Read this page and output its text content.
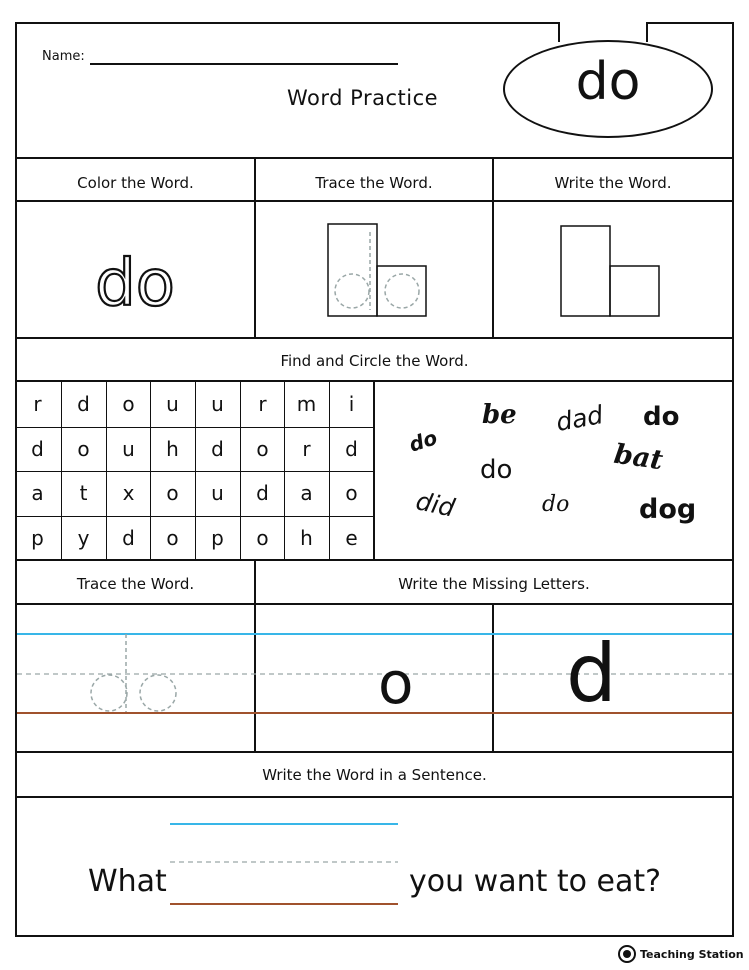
Name:
Word Practice	do
Color the Word.	Trace the Word.	Write the Word.
do
Find and Circle the Word.
r	d	o	u	u	r	m	i
d	o	u	h	d	o	r	d
a	t	x	o	u	d	a	o
p	y	d	o	p	o	h	e
be dad do
do
do	bat
did	do	dog
Trace the Word.	Write the Missing Letters.
o d
Write the Word in a Sentence.
What	you want to eat?
Teaching Station
